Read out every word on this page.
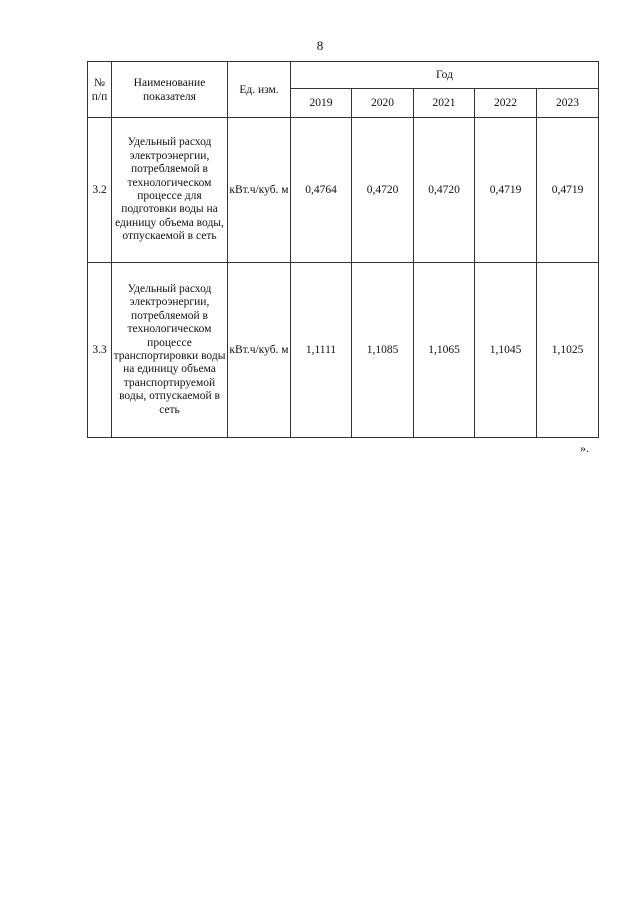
8
№ п/п	Наименование показателя	Ед. изм.	Год				
			2019	2020	2021	2022	2023
3.2	Удельный расход электроэнергии, потребляемой в технологическом процессе для подготовки воды на единицу объема воды, отпускаемой в сеть	кВт.ч/куб. м	0,4764	0,4720	0,4720	0,4719	0,4719
3.3	Удельный расход электроэнергии, потребляемой в технологическом процессе транспортировки воды на единицу объема транспортируемой воды, отпускаемой в сеть	кВт.ч/куб. м	1,1111	1,1085	1,1065	1,1045	1,1025
».
